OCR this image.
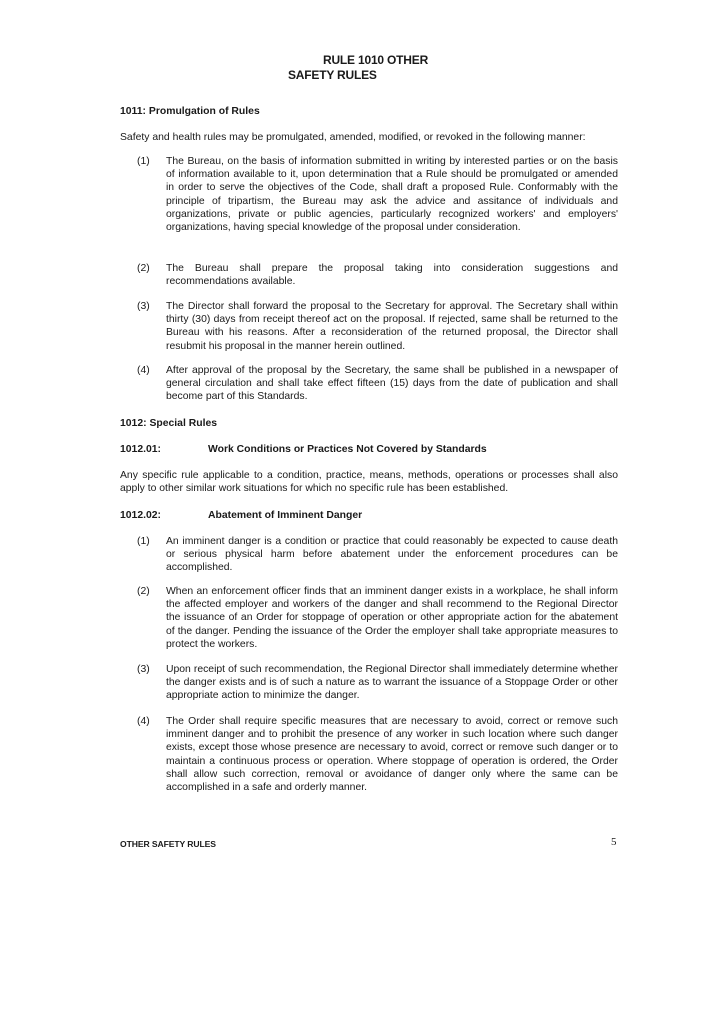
RULE 1010 OTHER
SAFETY RULES
1011: Promulgation of Rules
Safety and health rules may be promulgated, amended, modified, or revoked in the following manner:
(1) The Bureau, on the basis of information submitted in writing by interested parties or on the basis of information available to it, upon determination that a Rule should be promulgated or amended in order to serve the objectives of the Code, shall draft a proposed Rule. Conformably with the principle of tripartism, the Bureau may ask the advice and assitance of individuals and organizations, private or public agencies, particularly recognized workers' and employers' organizations, having special knowledge of the proposal under consideration.
(2) The Bureau shall prepare the proposal taking into consideration suggestions and recommendations available.
(3) The Director shall forward the proposal to the Secretary for approval. The Secretary shall within thirty (30) days from receipt thereof act on the proposal. If rejected, same shall be returned to the Bureau with his reasons. After a reconsideration of the returned proposal, the Director shall resubmit his proposal in the manner herein outlined.
(4) After approval of the proposal by the Secretary, the same shall be published in a newspaper of general circulation and shall take effect fifteen (15) days from the date of publication and shall become part of this Standards.
1012: Special Rules
1012.01:	Work Conditions or Practices Not Covered by Standards
Any specific rule applicable to a condition, practice, means, methods, operations or processes shall also apply to other similar work situations for which no specific rule has been established.
1012.02:	Abatement of Imminent Danger
(1) An imminent danger is a condition or practice that could reasonably be expected to cause death or serious physical harm before abatement under the enforcement procedures can be accomplished.
(2) When an enforcement officer finds that an imminent danger exists in a workplace, he shall inform the affected employer and workers of the danger and shall recommend to the Regional Director the issuance of an Order for stoppage of operation or other appropriate action for the abatement of the danger. Pending the issuance of the Order the employer shall take appropriate measures to protect the workers.
(3) Upon receipt of such recommendation, the Regional Director shall immediately determine whether the danger exists and is of such a nature as to warrant the issuance of a Stoppage Order or other appropriate action to minimize the danger.
(4) The Order shall require specific measures that are necessary to avoid, correct or remove such imminent danger and to prohibit the presence of any worker in such location where such danger exists, except those whose presence are necessary to avoid, correct or remove such danger or to maintain a continuous process or operation. Where stoppage of operation is ordered, the Order shall allow such correction, removal or avoidance of danger only where the same can be accomplished in a safe and orderly manner.
OTHER SAFETY RULES	5
